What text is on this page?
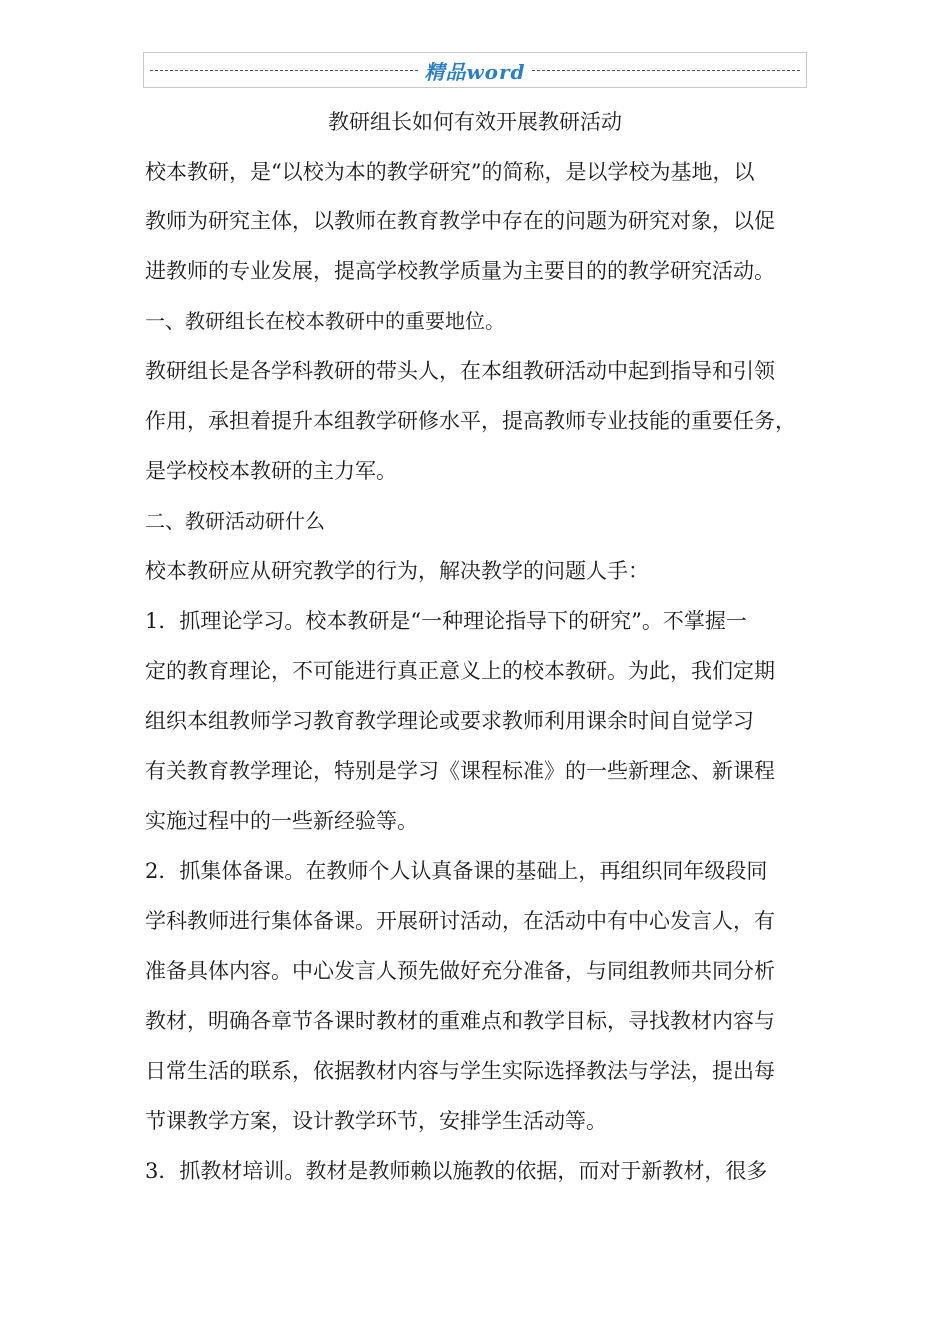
精品word
教研组长如何有效开展教研活动
校本教研，是“以校为本的教学研究”的简称，是以学校为基地，以
教师为研究主体，以教师在教育教学中存在的问题为研究对象，以促
进教师的专业发展，提高学校教学质量为主要目的的教学研究活动。
一、教研组长在校本教研中的重要地位。
教研组长是各学科教研的带头人，在本组教研活动中起到指导和引领
作用，承担着提升本组教学研修水平，提高教师专业技能的重要任务，
是学校校本教研的主力军。
二、教研活动研什么
校本教研应从研究教学的行为，解决教学的问题人手：
1．抓理论学习。校本教研是“一种理论指导下的研究”。不掌握一
定的教育理论，不可能进行真正意义上的校本教研。为此，我们定期
组织本组教师学习教育教学理论或要求教师利用课余时间自觉学习
有关教育教学理论，特别是学习《课程标准》的一些新理念、新课程
实施过程中的一些新经验等。
2．抓集体备课。在教师个人认真备课的基础上，再组织同年级段同
学科教师进行集体备课。开展研讨活动，在活动中有中心发言人，有
准备具体内容。中心发言人预先做好充分准备，与同组教师共同分析
教材，明确各章节各课时教材的重难点和教学目标，寻找教材内容与
日常生活的联系，依据教材内容与学生实际选择教法与学法，提出每
节课教学方案，设计教学环节，安排学生活动等。
3．抓教材培训。教材是教师赖以施教的依据，而对于新教材，很多
